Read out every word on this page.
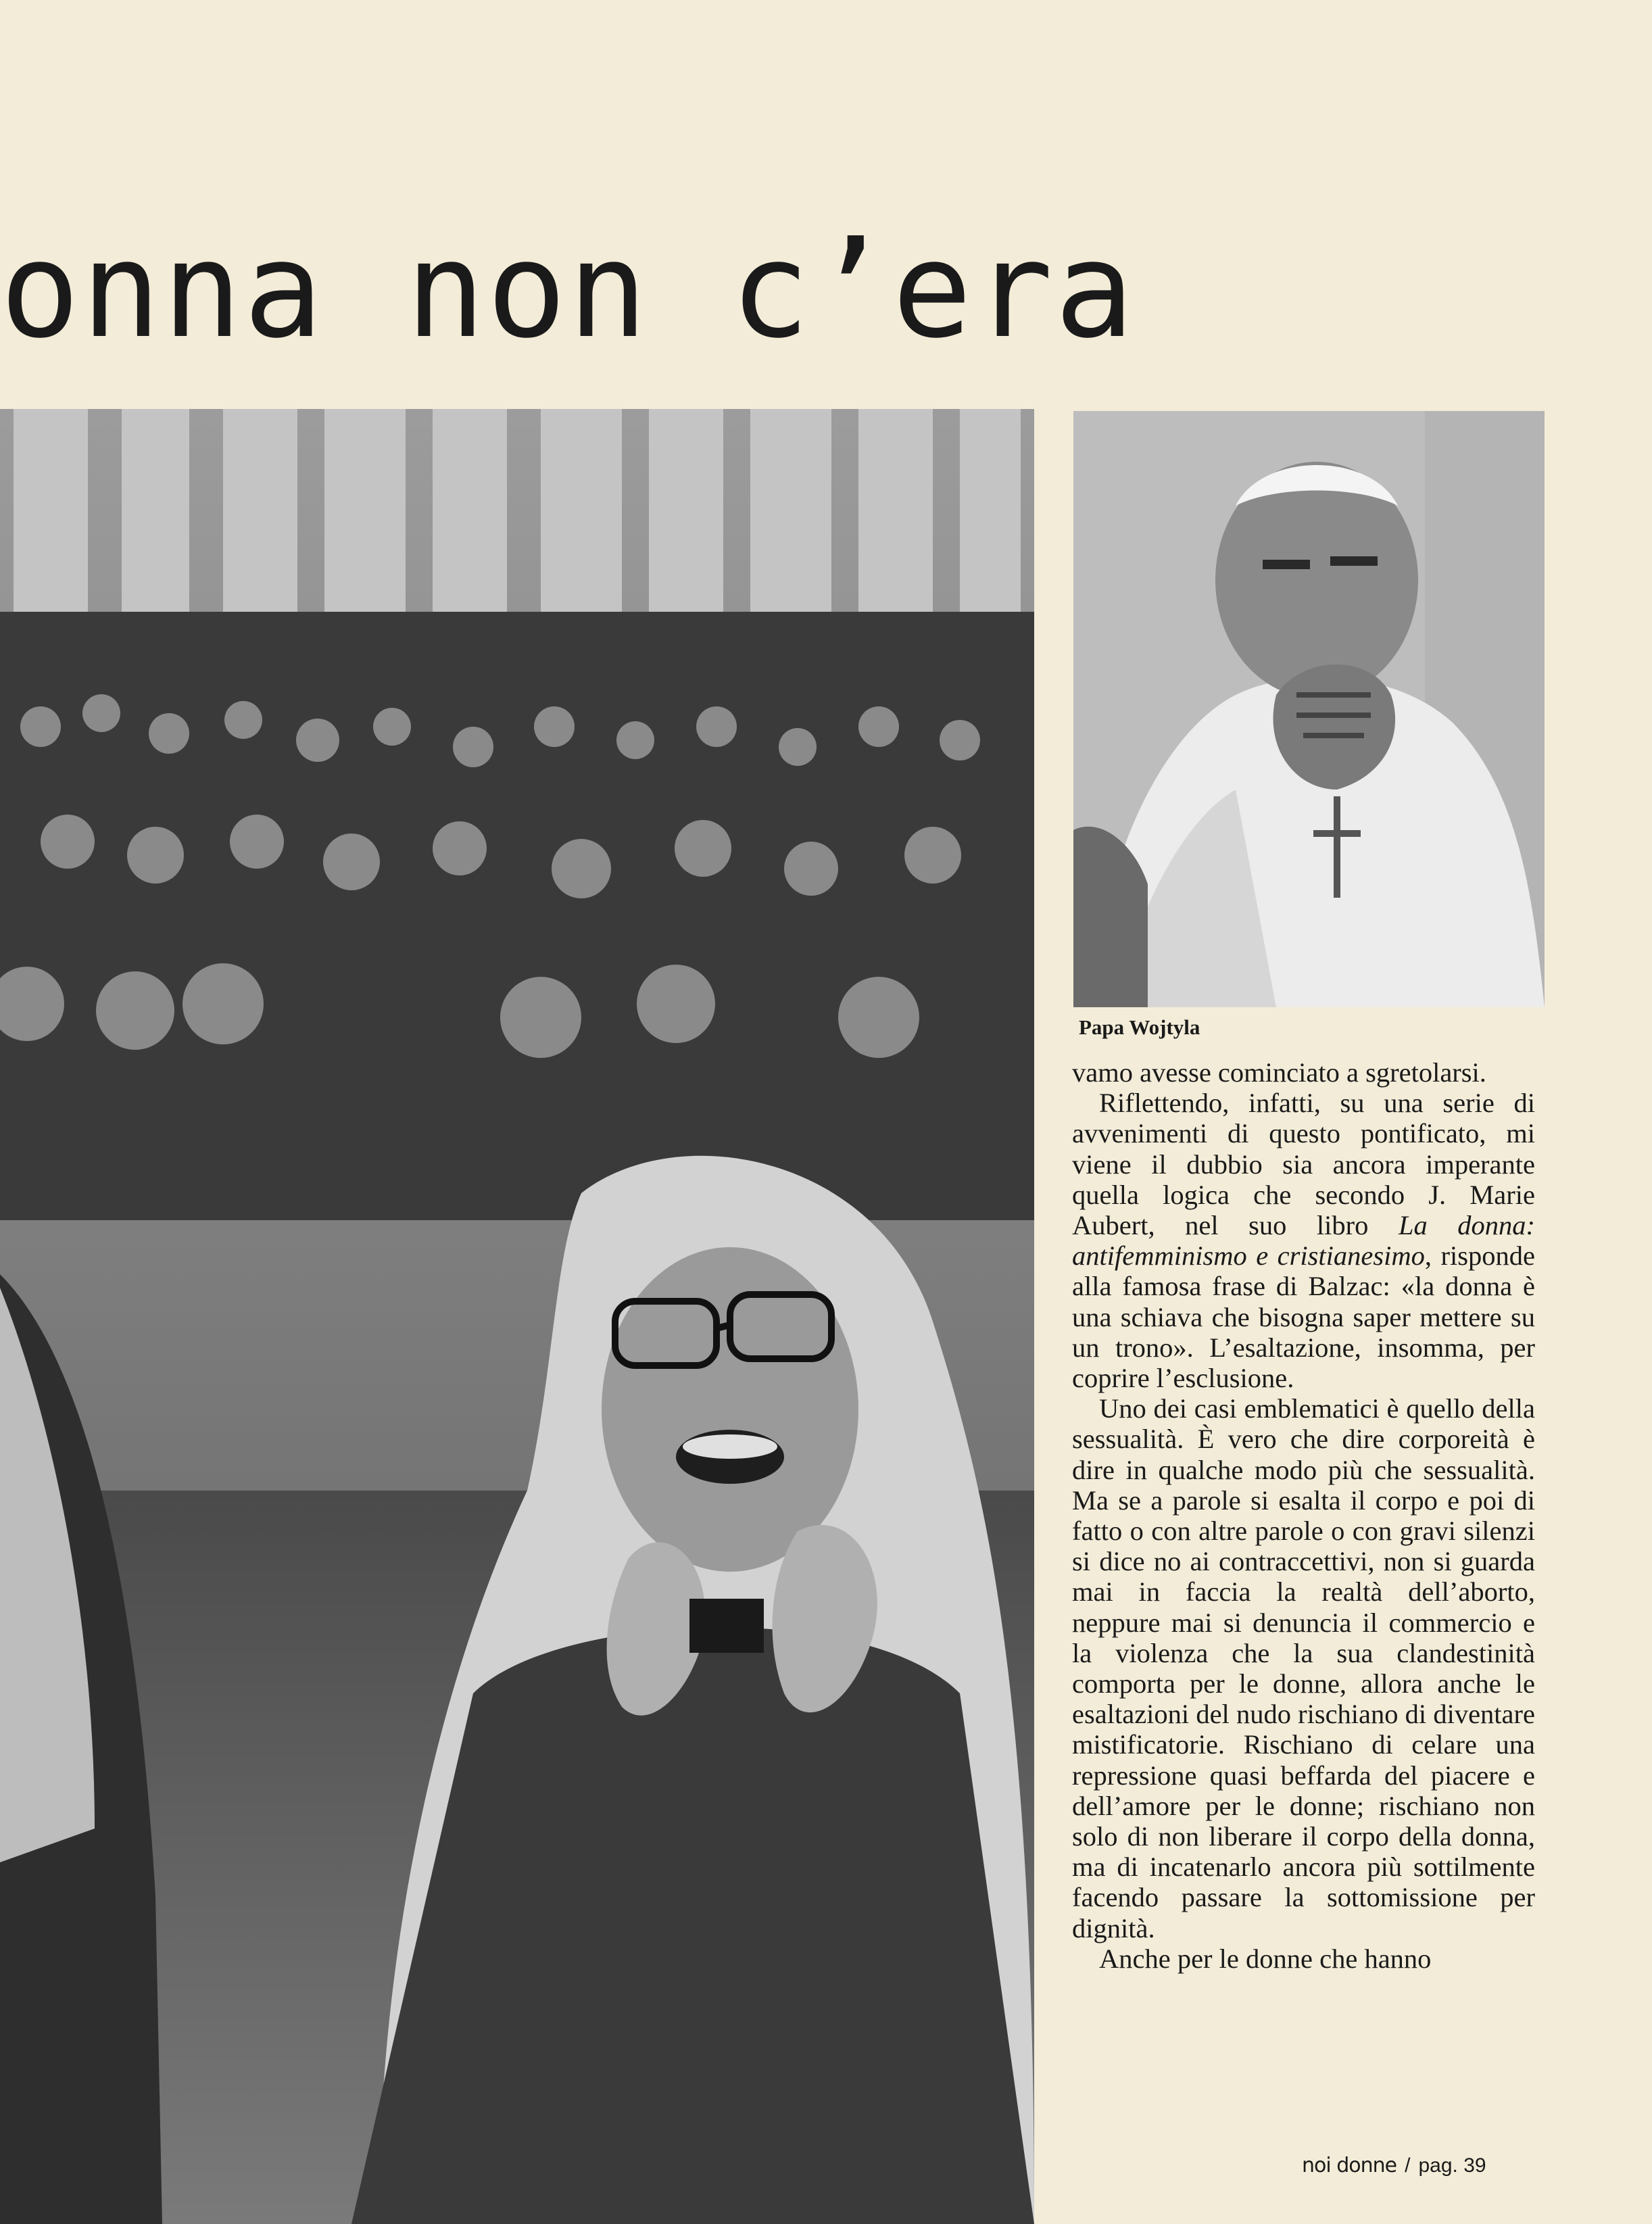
onna non c’era
Papa Wojtyla

vamo avesse cominciato a sgretolarsi.

Riflettendo, infatti, su una serie di avvenimenti di questo pontificato, mi viene il dubbio sia ancora imperante quella logica che secondo J. Marie Aubert, nel suo libro La donna: antifemminismo e cristianesimo, risponde alla famosa frase di Balzac: «la donna è una schiava che bisogna saper mettere su un trono». L’esaltazione, insomma, per coprire l’esclusione.

Uno dei casi emblematici è quello della sessualità. È vero che dire corporeità è dire in qualche modo più che sessualità. Ma se a parole si esalta il corpo e poi di fatto o con altre parole o con gravi silenzi si dice no ai contraccettivi, non si guarda mai in faccia la realtà dell’aborto, neppure mai si denuncia il commercio e la violenza che la sua clandestinità comporta per le donne, allora anche le esaltazioni del nudo rischiano di diventare mistificatorie. Rischiano di celare una repressione quasi beffarda del piacere e dell’amore per le donne; rischiano non solo di non liberare il corpo della donna, ma di incatenarlo ancora più sottilmente facendo passare la sottomissione per dignità.

Anche per le donne che hanno

noi donne / pag. 39
